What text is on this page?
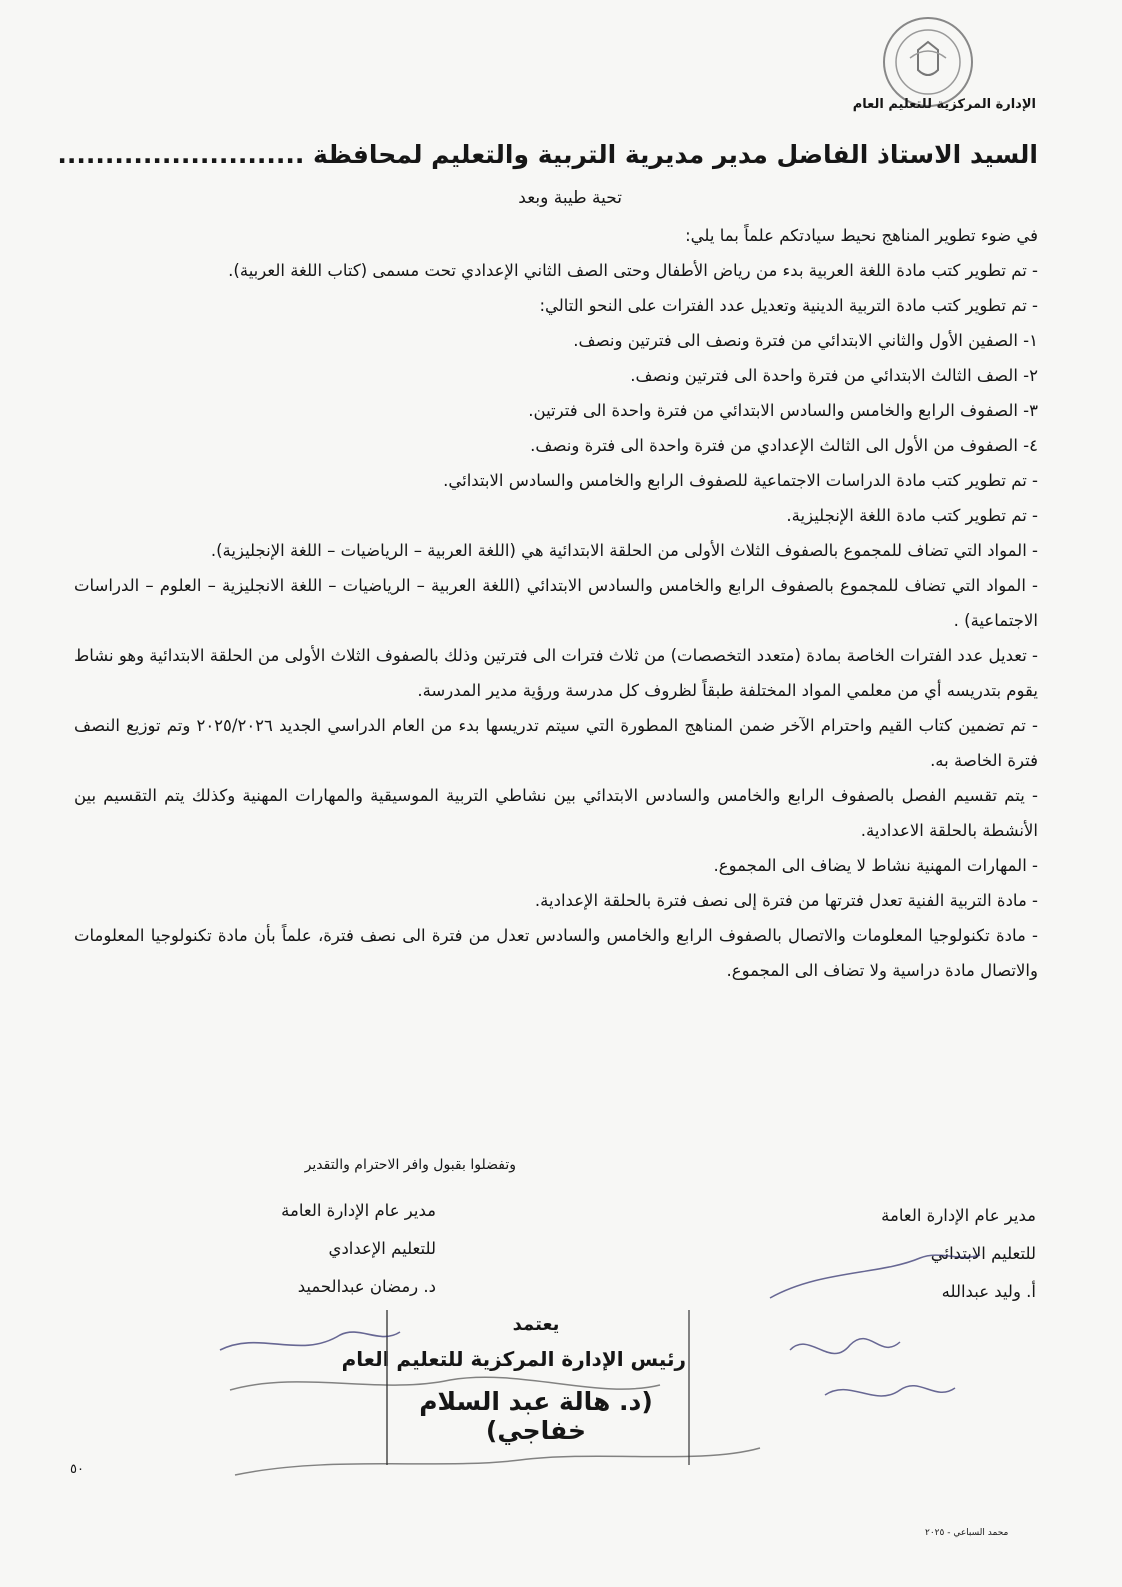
الإدارة المركزية للتعليم العام
السيد الاستاذ الفاضل مدير مديرية التربية والتعليم لمحافظة ..........................
تحية طيبة وبعد

في ضوء تطوير المناهج نحيط سيادتكم علماً بما يلي:

- تم تطوير كتب مادة اللغة العربية بدء من رياض الأطفال وحتى الصف الثاني الإعدادي تحت مسمى (كتاب اللغة العربية).

- تم تطوير كتب مادة التربية الدينية وتعديل عدد الفترات على النحو التالي:

١- الصفين الأول والثاني الابتدائي من فترة ونصف الى فترتين ونصف.

٢- الصف الثالث الابتدائي من فترة واحدة الى فترتين ونصف.

٣- الصفوف الرابع والخامس والسادس الابتدائي من فترة واحدة الى فترتين.

٤- الصفوف من الأول الى الثالث الإعدادي من فترة واحدة الى فترة ونصف.

- تم تطوير كتب مادة الدراسات الاجتماعية للصفوف الرابع والخامس والسادس الابتدائي.

- تم تطوير كتب مادة اللغة الإنجليزية.

- المواد التي تضاف للمجموع بالصفوف الثلاث الأولى من الحلقة الابتدائية هي (اللغة العربية – الرياضيات – اللغة الإنجليزية).

- المواد التي تضاف للمجموع بالصفوف الرابع والخامس والسادس الابتدائي (اللغة العربية – الرياضيات – اللغة الانجليزية – العلوم – الدراسات الاجتماعية) .

- تعديل عدد الفترات الخاصة بمادة (متعدد التخصصات) من ثلاث فترات الى فترتين وذلك بالصفوف الثلاث الأولى من الحلقة الابتدائية وهو نشاط يقوم بتدريسه أي من معلمي المواد المختلفة طبقاً لظروف كل مدرسة ورؤية مدير المدرسة.

- تم تضمين كتاب القيم واحترام الآخر ضمن المناهج المطورة التي سيتم تدريسها بدء من العام الدراسي الجديد ٢٠٢٥/٢٠٢٦ وتم توزيع النصف فترة الخاصة به.

- يتم تقسيم الفصل بالصفوف الرابع والخامس والسادس الابتدائي بين نشاطي التربية الموسيقية والمهارات المهنية وكذلك يتم التقسيم بين الأنشطة بالحلقة الاعدادية.

- المهارات المهنية نشاط لا يضاف الى المجموع.

- مادة التربية الفنية تعدل فترتها من فترة إلى نصف فترة بالحلقة الإعدادية.

- مادة تكنولوجيا المعلومات والاتصال بالصفوف الرابع والخامس والسادس تعدل من فترة الى نصف فترة، علماً بأن مادة تكنولوجيا المعلومات والاتصال مادة دراسية ولا تضاف الى المجموع.

وتفضلوا بقبول وافر الاحترام والتقدير
مدير عام الإدارة العامة
للتعليم الإعدادي
د. رمضان عبدالحميد
مدير عام الإدارة العامة
للتعليم الابتدائي
أ. وليد عبدالله
يعتمد
رئيس الإدارة المركزية للتعليم العام
(د. هالة عبد السلام خفاجي)
٥٠
محمد السباعي - ٢٠٢٥
